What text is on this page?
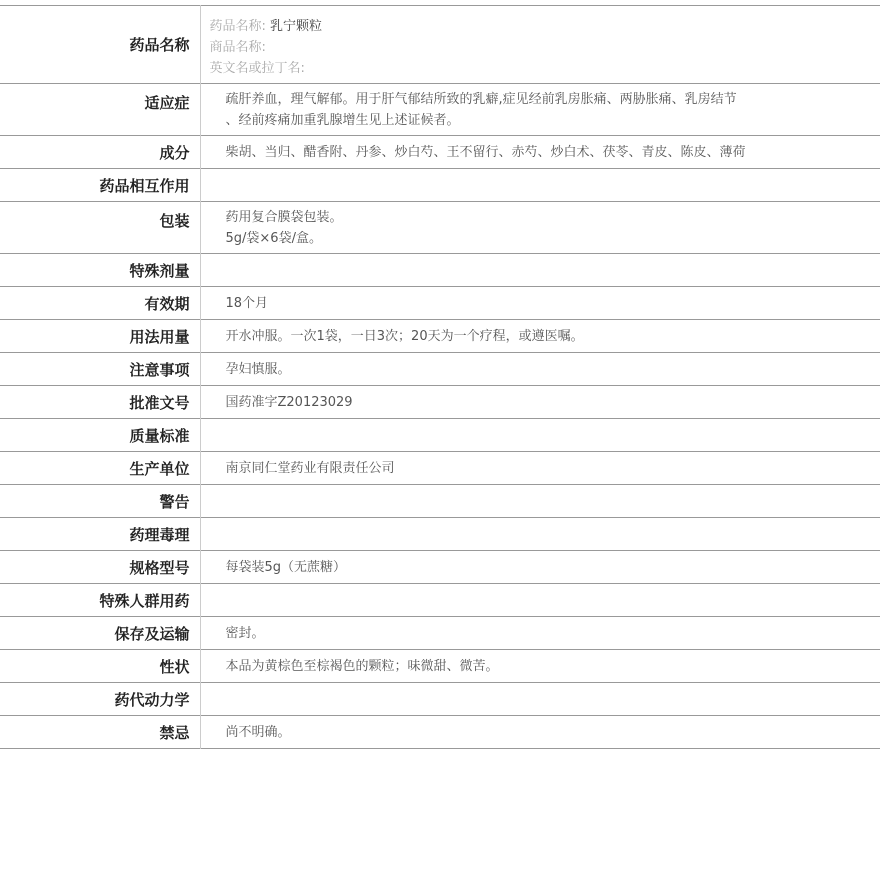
药品名称	药品名称: 乳宁颗粒
商品名称:
英文名或拉丁名:

适应症	疏肝养血，理气解郁。用于肝气郁结所致的乳癖,症见经前乳房胀痛、两胁胀痛、乳房结节
、经前疼痛加重乳腺增生见上述证候者。

成分	柴胡、当归、醋香附、丹参、炒白芍、王不留行、赤芍、炒白术、茯苓、青皮、陈皮、薄荷
药品相互作用	
包装	药用复合膜袋包装。
5g/袋×6袋/盒。

特殊剂量	
有效期	18个月
用法用量	开水冲服。一次1袋，一日3次；20天为一个疗程，或遵医嘱。
注意事项	孕妇慎服。
批准文号	国药准字Z20123029
质量标准	
生产单位	南京同仁堂药业有限责任公司
警告	
药理毒理	
规格型号	每袋装5g（无蔗糖）
特殊人群用药	
保存及运输	密封。
性状	本品为黄棕色至棕褐色的颗粒；味微甜、微苦。
药代动力学	
禁忌	尚不明确。
